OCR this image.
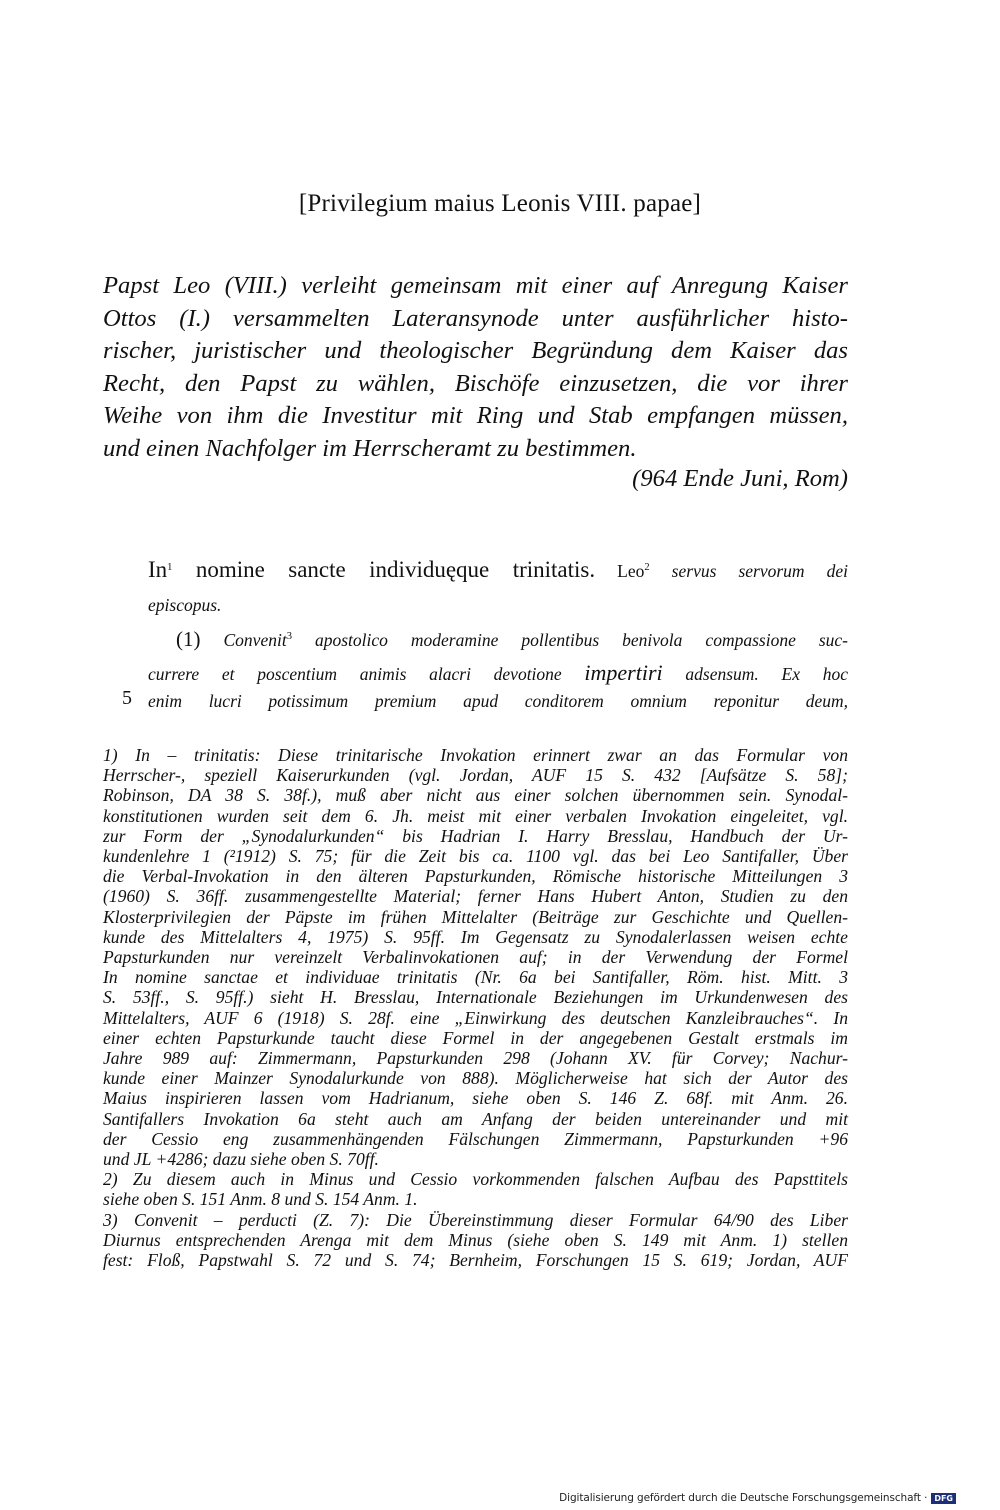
[Privilegium maius Leonis VIII. papae]
Papst Leo (VIII.) verleiht gemeinsam mit einer auf Anregung Kaiser
Ottos (I.) versammelten Lateransynode unter ausführlicher histo-
rischer, juristischer und theologischer Begründung dem Kaiser das
Recht, den Papst zu wählen, Bischöfe einzusetzen, die vor ihrer
Weihe von ihm die Investitur mit Ring und Stab empfangen müssen,
und einen Nachfolger im Herrscheramt zu bestimmen.
(964 Ende Juni, Rom)
In$^1$ nomine sancte individuęque trinitatis. Leo$^2$ servus servorum dei
episcopus.
(1) Convenit$^3$ apostolico moderamine pollentibus benivola compassione suc-
currere et poscentium animis alacri devotione impertiri adsensum. Ex hoc
enim lucri potissimum premium apud conditorem omnium reponitur deum,
5
1) In – trinitatis: Diese trinitarische Invokation erinnert zwar an das Formular von
Herrscher-, speziell Kaiserurkunden (vgl. Jordan, AUF 15 S. 432 [Aufsätze S. 58];
Robinson, DA 38 S. 38f.), muß aber nicht aus einer solchen übernommen sein. Synodal-
konstitutionen wurden seit dem 6. Jh. meist mit einer verbalen Invokation eingeleitet, vgl.
zur Form der „Synodalurkunden“ bis Hadrian I. Harry Bresslau, Handbuch der Ur-
kundenlehre 1 (²1912) S. 75; für die Zeit bis ca. 1100 vgl. das bei Leo Santifaller, Über
die Verbal-Invokation in den älteren Papsturkunden, Römische historische Mitteilungen 3
(1960) S. 36ff. zusammengestellte Material; ferner Hans Hubert Anton, Studien zu den
Klosterprivilegien der Päpste im frühen Mittelalter (Beiträge zur Geschichte und Quellen-
kunde des Mittelalters 4, 1975) S. 95ff. Im Gegensatz zu Synodalerlassen weisen echte
Papsturkunden nur vereinzelt Verbalinvokationen auf; in der Verwendung der Formel
In nomine sanctae et individuae trinitatis (Nr. 6a bei Santifaller, Röm. hist. Mitt. 3
S. 53ff., S. 95ff.) sieht H. Bresslau, Internationale Beziehungen im Urkundenwesen des
Mittelalters, AUF 6 (1918) S. 28f. eine „Einwirkung des deutschen Kanzleibrauches“. In
einer echten Papsturkunde taucht diese Formel in der angegebenen Gestalt erstmals im
Jahre 989 auf: Zimmermann, Papsturkunden 298 (Johann XV. für Corvey; Nachur-
kunde einer Mainzer Synodalurkunde von 888). Möglicherweise hat sich der Autor des
Maius inspirieren lassen vom Hadrianum, siehe oben S. 146 Z. 68f. mit Anm. 26.
Santifallers Invokation 6a steht auch am Anfang der beiden untereinander und mit
der Cessio eng zusammenhängenden Fälschungen Zimmermann, Papsturkunden +96
und JL +4286; dazu siehe oben S. 70ff.
2) Zu diesem auch in Minus und Cessio vorkommenden falschen Aufbau des Papsttitels
siehe oben S. 151 Anm. 8 und S. 154 Anm. 1.
3) Convenit – perducti (Z. 7): Die Übereinstimmung dieser Formular 64/90 des Liber
Diurnus entsprechenden Arenga mit dem Minus (siehe oben S. 149 mit Anm. 1) stellen
fest: Floß, Papstwahl S. 72 und S. 74; Bernheim, Forschungen 15 S. 619; Jordan, AUF
Digitalisierung gefördert durch die Deutsche Forschungsgemeinschaft · DFG
